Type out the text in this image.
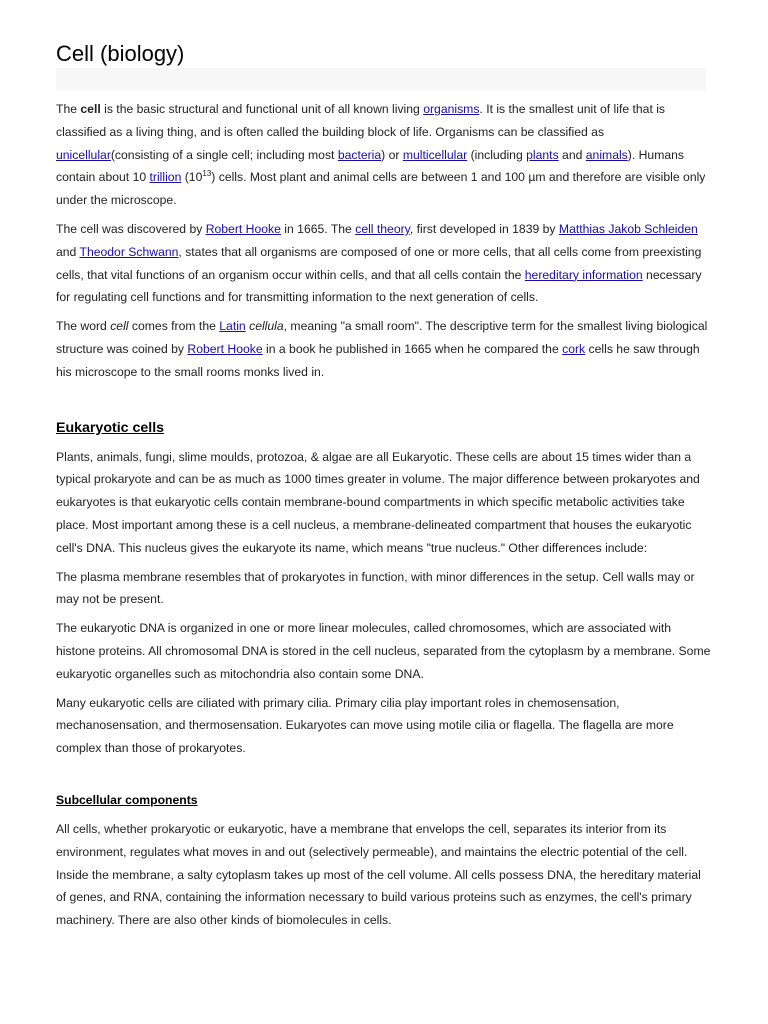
Cell (biology)

The cell is the basic structural and functional unit of all known living organisms. It is the smallest unit of life that is classified as a living thing, and is often called the building block of life. Organisms can be classified as unicellular(consisting of a single cell; including most bacteria) or multicellular (including plants and animals). Humans contain about 10 trillion $(10^{13})$ cells. Most plant and animal cells are between 1 and 100 µm and therefore are visible only under the microscope.

The cell was discovered by Robert Hooke in 1665. The cell theory, first developed in 1839 by Matthias Jakob Schleiden and Theodor Schwann, states that all organisms are composed of one or more cells, that all cells come from preexisting cells, that vital functions of an organism occur within cells, and that all cells contain the hereditary information necessary for regulating cell functions and for transmitting information to the next generation of cells.

The word cell comes from the Latin cellula, meaning "a small room". The descriptive term for the smallest living biological structure was coined by Robert Hooke in a book he published in 1665 when he compared the cork cells he saw through his microscope to the small rooms monks lived in.

Eukaryotic cells

Plants, animals, fungi, slime moulds, protozoa, & algae are all Eukaryotic. These cells are about 15 times wider than a typical prokaryote and can be as much as 1000 times greater in volume. The major difference between prokaryotes and eukaryotes is that eukaryotic cells contain membrane-bound compartments in which specific metabolic activities take place. Most important among these is a cell nucleus, a membrane-delineated compartment that houses the eukaryotic cell's DNA. This nucleus gives the eukaryote its name, which means "true nucleus." Other differences include:

The plasma membrane resembles that of prokaryotes in function, with minor differences in the setup. Cell walls may or may not be present.

The eukaryotic DNA is organized in one or more linear molecules, called chromosomes, which are associated with histone proteins. All chromosomal DNA is stored in the cell nucleus, separated from the cytoplasm by a membrane. Some eukaryotic organelles such as mitochondria also contain some DNA.

Many eukaryotic cells are ciliated with primary cilia. Primary cilia play important roles in chemosensation, mechanosensation, and thermosensation. Eukaryotes can move using motile cilia or flagella. The flagella are more complex than those of prokaryotes.

Subcellular components

All cells, whether prokaryotic or eukaryotic, have a membrane that envelops the cell, separates its interior from its environment, regulates what moves in and out (selectively permeable), and maintains the electric potential of the cell. Inside the membrane, a salty cytoplasm takes up most of the cell volume. All cells possess DNA, the hereditary material of genes, and RNA, containing the information necessary to build various proteins such as enzymes, the cell's primary machinery. There are also other kinds of biomolecules in cells.
